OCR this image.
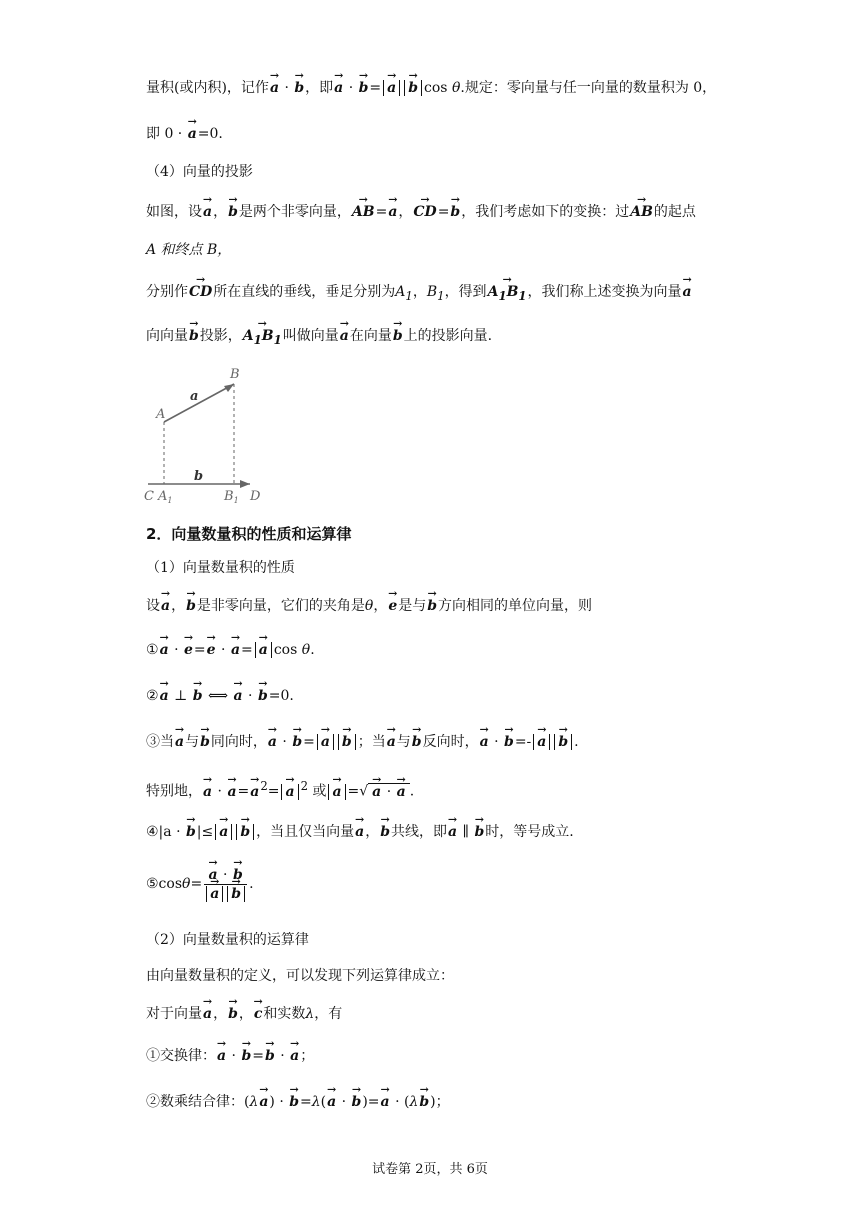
量积(或内积)，记作→ a · → b，即→ a · → b= → a → b cos θ.规定：零向量与任一向量的数量积为 0，
即 0 · → a=0.
（4）向量的投影
如图，设→ a，→ b是两个非零向量，→ AB=→ a，→ CD=→ b，我们考虑如下的变换：过→ AB的起点
A 和终点 B，
分别作→ CD所在直线的垂线，垂足分别为$A_1$，$B_1$，得到→ $A_1B_1$，我们称上述变换为向量→ a
向向量→ b投影，→ $A_1B_1$叫做向量→ a在向量→ b上的投影向量.
a
b
A
B
C $A_1$	$B_1$ D
2．向量数量积的性质和运算律
（1）向量数量积的性质
设→ a，→ b是非零向量，它们的夹角是θ，→ e是与→ b方向相同的单位向量，则
①→ a · → e=→ e · → a= → a cos θ.
②→ a ⊥ → b ⟺ → a · → b=0.
③当→ a与→ b同向时，→ a · → b= → a → b ；当→ a与→ b反向时，→ a · → b=- → a → b .
特别地，→ a · → $a=\to a^2= \to a$ $^2$ 或 → a =√ → a · → a .
④|a · → b|≤ → a → b ，当且仅当向量→ a，→ b共线，即→ a ∥ → b时，等号成立.
⑤cosθ= → a · → b
→ a → b .
（2）向量数量积的运算律
由向量数量积的定义，可以发现下列运算律成立：
对于向量→ a，→ b，→ c和实数λ，有
①交换律：→ a · → b=→ b · → a；
②数乘结合律：(λ→ a) · → b=λ(→ a · → b)=→ a · (λ→ b)；
试卷第 2页，共 6页
